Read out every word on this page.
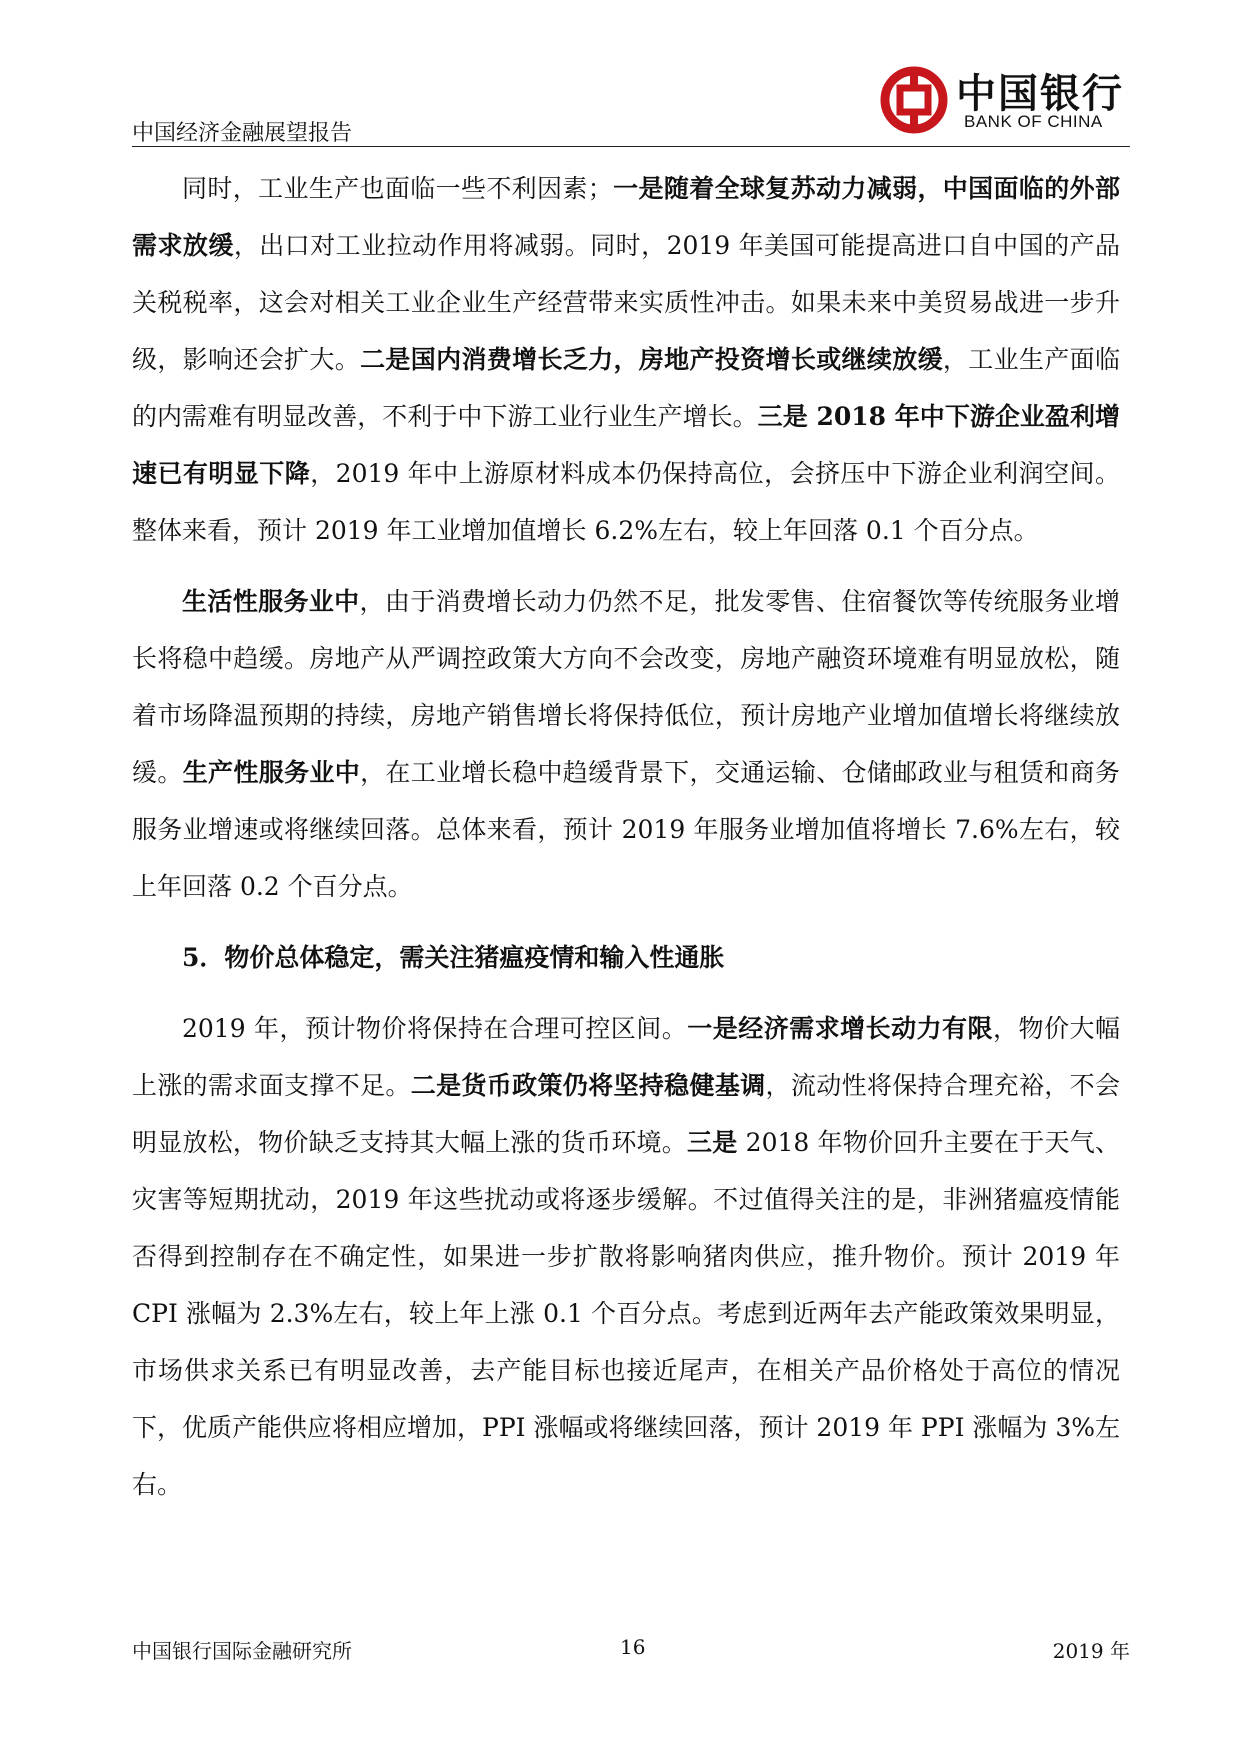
中国经济金融展望报告
中国银行
BANK OF CHINA

同时，工业生产也面临一些不利因素；一是随着全球复苏动力减弱，中国面临的外部需求放缓，出口对工业拉动作用将减弱。同时，2019 年美国可能提高进口自中国的产品关税税率，这会对相关工业企业生产经营带来实质性冲击。如果未来中美贸易战进一步升级，影响还会扩大。二是国内消费增长乏力，房地产投资增长或继续放缓，工业生产面临的内需难有明显改善，不利于中下游工业行业生产增长。三是 2018 年中下游企业盈利增速已有明显下降，2019 年中上游原材料成本仍保持高位，会挤压中下游企业利润空间。整体来看，预计 2019 年工业增加值增长 6.2%左右，较上年回落 0.1 个百分点。

生活性服务业中，由于消费增长动力仍然不足，批发零售、住宿餐饮等传统服务业增长将稳中趋缓。房地产从严调控政策大方向不会改变，房地产融资环境难有明显放松，随着市场降温预期的持续，房地产销售增长将保持低位，预计房地产业增加值增长将继续放缓。生产性服务业中，在工业增长稳中趋缓背景下，交通运输、仓储邮政业与租赁和商务服务业增速或将继续回落。总体来看，预计 2019 年服务业增加值将增长 7.6%左右，较上年回落 0.2 个百分点。

5．物价总体稳定，需关注猪瘟疫情和输入性通胀

2019 年，预计物价将保持在合理可控区间。一是经济需求增长动力有限，物价大幅上涨的需求面支撑不足。二是货币政策仍将坚持稳健基调，流动性将保持合理充裕，不会明显放松，物价缺乏支持其大幅上涨的货币环境。三是 2018 年物价回升主要在于天气、灾害等短期扰动，2019 年这些扰动或将逐步缓解。不过值得关注的是，非洲猪瘟疫情能否得到控制存在不确定性，如果进一步扩散将影响猪肉供应，推升物价。预计 2019 年 CPI 涨幅为 2.3%左右，较上年上涨 0.1 个百分点。考虑到近两年去产能政策效果明显，市场供求关系已有明显改善，去产能目标也接近尾声，在相关产品价格处于高位的情况下，优质产能供应将相应增加，PPI 涨幅或将继续回落，预计 2019 年 PPI 涨幅为 3%左右。

中国银行国际金融研究所	16	2019 年
